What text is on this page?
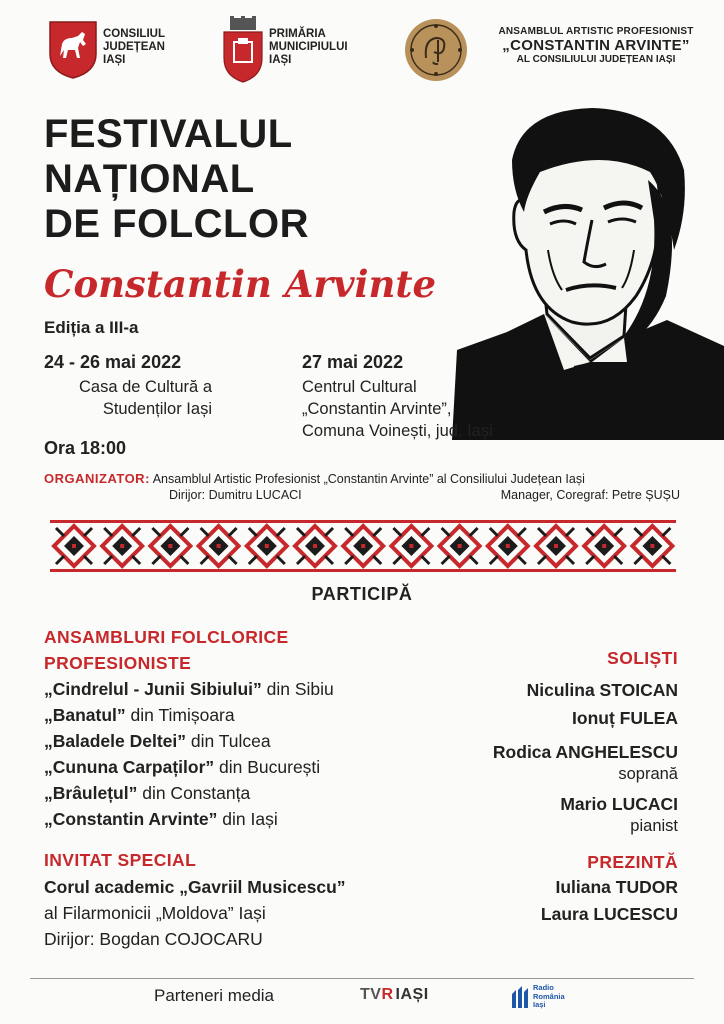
CONSILIUL
JUDEȚEAN
IAȘI
PRIMĂRIA
MUNICIPIULUI
IAȘI
ANSAMBLUL ARTISTIC PROFESIONIST
„CONSTANTIN ARVINTE”
AL CONSILIULUI JUDEȚEAN IAȘI
FESTIVALUL
NAȚIONAL
DE FOLCLOR
Constantin Arvinte
Ediția a III-a
24 - 26 mai 2022
Casa de Cultură a
Studenților Iași
Ora 18:00
27 mai 2022
Centrul Cultural
„Constantin Arvinte”,
Comuna Voinești, jud. Iași
ORGANIZATOR: Ansamblul Artistic Profesionist „Constantin Arvinte” al Consiliului Județean Iași
Dirijor: Dumitru LUCACI	Manager, Coregraf: Petre ȘUȘU
PARTICIPĂ
ANSAMBLURI FOLCLORICE
PROFESIONISTE
„Cindrelul - Junii Sibiului” din Sibiu
„Banatul” din Timișoara
„Baladele Deltei” din Tulcea
„Cununa Carpaților” din București
„Brâulețul” din Constanța
„Constantin Arvinte” din Iași
INVITAT SPECIAL
Corul academic „Gavriil Musicescu”
al Filarmonicii „Moldova” Iași
Dirijor: Bogdan COJOCARU
SOLIȘTI
Niculina STOICAN
Ionuț FULEA
Rodica ANGHELESCU
soprană
Mario LUCACI
pianist
PREZINTĂ
Iuliana TUDOR
Laura LUCESCU
Parteneri media	TVR IAȘI	Radio
România
Iași
